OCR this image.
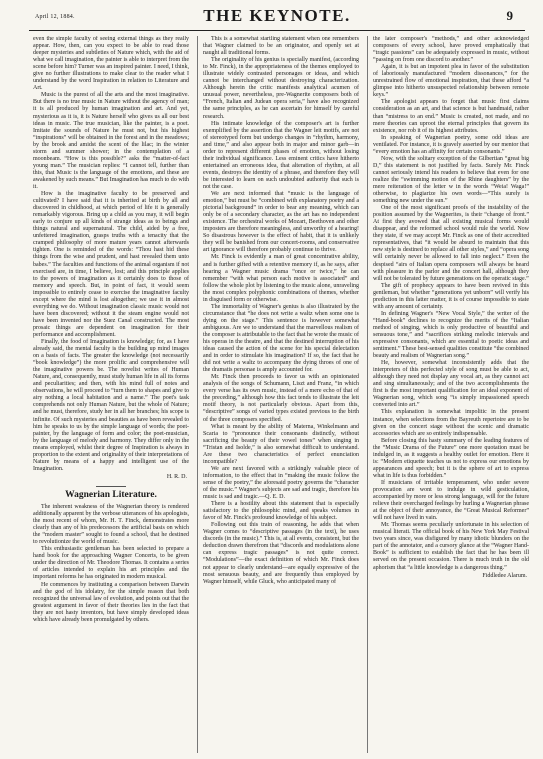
April 12, 1884.	THE KEYNOTE.	9

even the simple faculty of seeing external things as they really appear. How, then, can you expect to be able to read those deeper mysteries and subtleties of Nature which, with the aid of what we call imagination, the painter is able to interpret from the scene before him? Turner was an inspired painter. I need, I think, give no further illustrations to make clear to the reader what I understand by the word Inspiration in relation to Literature and Art.

Music is the purest of all the arts and the most imaginative. But there is no true music in Nature without the agency of man; it is all produced by human imagination and art. And yet, mysterious as it is, it is Nature herself who gives us all our best ideas in music. The true musician, like the painter, is a poet. Imitate the sounds of Nature he must not, but his highest “inspirations” will be obtained in the forest and in the meadows; by the brook and amidst the scent of the lilac; in the winter storm and summer shower; in the contemplation of a moonbeam. “How is this possible?” asks the “matter-of-fact young man.” The musician replies: “I cannot tell, further than this, that Music is the language of the emotions, and these are awakened by such means.” But Imagination has much to do with it.

How is the imaginative faculty to be preserved and cultivated? I have said that it is inherited at birth by all and discovered in childhood, at which period of life it is generally remarkably vigorous. Bring up a child as you may, it will begin early to conjure up all kinds of strange ideas as to beings and things natural and supernatural. The child, aided by a free, unfettered imagination, grasps truths with a tenacity that the cramped philosophy of more mature years cannot afterwards tighten. One is reminded of the words: “Thou hast hid these things from the wise and prudent, and hast revealed them unto babes.” The faculties and functions of the animal organism if not exercised are, in time, I believe, lost; and this principle applies to the powers of imagination as it certainly does to those of memory and speech. But, in point of fact, it would seem impossible to entirely cease to exercise the imaginative faculty except where the mind is lost altogether; we use it in almost everything we do. Without imagination classic music would not have been discovered; without it the steam engine would not have been invented nor the Suez Canal constructed. The most prosaic things are dependent on imagination for their performance and accomplishment.

Finally, the food of Imagination is knowledge; for, as I have already said, the mental faculty is the building up mind images on a basis of facts. The greater the knowledge (not necessarily “book knowledge”) the more prolific and comprehensive will the imaginative powers be. The novelist writes of Human Nature, and, consequently, must study human life in all its forms and peculiarities; and then, with his mind full of notes and observations, he will proceed to “turn them to shapes and give to airy nothing a local habitation and a name.” The poet's task comprehends not only Human Nature, but the whole of Nature; and he must, therefore, study her in all her branches; his scope is infinite. Of such mysteries and beauties as have been revealed to him he speaks to us by the simple language of words; the poet-painter, by the language of form and color; the poet-musician, by the language of melody and harmony. They differ only in the means employed, whilst their degree of Inspiration is always in proportion to the extent and originality of their interpretations of Nature by means of a happy and intelligent use of the Imagination.

H. R. D.
Wagnerian Literature.

The inherent weakness of the Wagnerian theory is rendered additionally apparent by the verbose utterances of his apologists, the most recent of whom, Mr. H. T. Finck, demonstrates more clearly than any of his predecessors the artificial basis on which the “modern master” sought to found a school, that he destined to revolutionize the world of music.

This enthusiastic gentleman has been selected to prepare a hand book for the approaching Wagner Concerts, to be given under the direction of Mr. Theodore Thomas. It contains a series of articles intended to explain his art principles and the important reforms he has originated in modern musical.

He commences by instituting a comparison between Darwin and the god of his idolatry, for the simple reason that both recognized the universal law of evolution, and points out that the greatest argument in favor of their theories lies in the fact that they are not hasty inventors, but have simply developed ideas which have already been promulgated by others.

This is a somewhat startling statement when one remembers that Wagner claimed to be an originator, and openly set at naught all traditional forms.

The originality of his genius is specially manifest, (according to Mr. Finck), in the appropriateness of the themes employed to illustrate widely contrasted personages or ideas, and which cannot be interchanged without destroying characterization. Although herein the critic manifests analytical acumen of unusual power, nevertheless, pre-Wagnerite composers both of “French, Italian and Judean opera seria,” have also recognized the same principles, as he can ascertain for himself by careful research.

His intimate knowledge of the composer's art is further exemplified by the assertion that the Wagner leit motifs, are not of stereotyped form but undergo changes in “rhythm, harmony, and time,” and also appear both in major and minor garb—in order to represent different phases of emotion, without losing their individual significance. Less eminent critics have hitherto entertained an erroneous idea, that alteration of rhythm, at all events, destroys the identity of a phrase, and therefore they will be interested to learn on such undoubted authority that such is not the case.

We are next informed that “music is the language of emotion,” but must be “combined with explanatory poetry and a pictorial background” in order to bear any meaning, which can only be of a secondary character, as the art has no independent existence. The orchestral works of Mozart, Beethoven and other imposters are therefore meaningless, and unworthy of a hearing! So disastrous however is the effect of habit, that it is unlikely they will be banished from our concert-rooms, and conservative art ignorance will therefore probably continue to thrive.

Mr. Finck is evidently a man of great concentrative ability, and is further gifted with a retentive memory if, as he says, after hearing a Wagner music drama “once or twice,” he can remember “with what person each motive is associated” and follow the whole plot by listening to the music alone, unraveling the most complex polyphonic combinations of themes, whether in disguised form or otherwise.

The immortality of Wagner's genius is also illustrated by the circumstance that “he does not write a waltz when some one is dying on the stage.” This sentence is however somewhat ambiguous. Are we to understand that the marvellous realism of the composer is attributable to the fact that he wrote the music of his operas in the theatre, and that the destined interruption of his ideas caused the action of the scene for his special delectation and in order to stimulate his imagination? If so, the fact that he did not write a waltz to accompany the dying throes of one of the dramatis personae is amply accounted for.

Mr. Finck then proceeds to favor us with an opinionated analysis of the songs of Schumann, Liszt and Franz, “in which every verse has its own music, instead of a mere echo of that of the preceding,” although how this fact tends to illustrate the leit motif theory, is not particularly obvious. Apart from this, “descriptive” songs of varied types existed previous to the birth of the three composers specified.

What is meant by the ability of Materna, Winkelmann and Scaria to “pronounce their consonants distinctly, without sacrificing the beauty of their vowel tones” when singing in “Tristan and Isolde,” is also somewhat difficult to understand. Are these two characteristics of perfect enunciation incompatible?

We are next favored with a strikingly valuable piece of information, to the effect that in “making the music follow the sense of the poetry,” the aforesaid poetry governs the “character of the music.” Wagner's subjects are sad and tragic, therefore his music is sad and tragic.—Q. E. D.

There is a hostility about this statement that is especially satisfactory to the philosophic mind, and speaks volumes in favor of Mr. Finck's profound knowledge of his subject.

Following out this train of reasoning, he adds that when Wagner comes to “descriptive passages (in the text), he uses discords (in the music).” This is, at all events, consistent, but the deduction drawn therefrom that “discords and modulations alone can express tragic passages” is not quite correct. “Modulations”—the exact definition of which Mr. Finck does not appear to clearly understand—are equally expressive of the most sensuous beauty, and are frequently thus employed by Wagner himself, while Gluck, who anticipated many of

the later composer's “methods,” and other acknowledged composers of every school, have proved emphatically that “tragic passions” can be adequately expressed in music, without “passing on from one discord to another.”

Again, it is but an impotent plea in favor of the substitution of laboriously manufactured “modern dissonances,” for the unrestrained flow of emotional inspiration, that these afford “a glimpse into hitherto unsuspected relationship between remote keys.”

The apologist appears to forget that music first claims consideration as an art, and that science is but handmaid, rather than “mistress to an end.” Music is created, not made, and no mere theories can uproot the eternal principles that govern its existence, nor rob it of its highest attributes.

In speaking of Wagnerian poetry, some odd ideas are ventilated. For instance, it is gravely asserted by our mentor that “every emotion has an affinity for certain consonants.”

Now, with the solitary exception of the Gilbertian “great big D,” this statement is not justified by facts. Surely Mr. Finck cannot seriously intend his readers to believe that even for one realize the “swimming motion of the Rhine daughters” by the mere reiteration of the letter w in the words “Weia! Waga!” otherwise, to plagiarize his own words—“This surely is something new under the sun.”

One of the most significant proofs of the instability of the position assumed by the Wagnerites, is their “change of front.” At first they avowed that all existing musical forms would disappear, and the reformed school would rule the world. Now they state, if we may accept Mr. Finck as one of their accredited representatives, that “it would be absurd to maintain that this new style is destined to replace all other styles,” and “opera song will certainly never be allowed to fall into neglect.” Even the despised “airs of Italian opera composers will always be heard with pleasure in the parlor and the concert hall, although they will not be tolerated by future generations on the operatic stage.”

The gift of prophecy appears to have been revived in this gentleman, but whether “generations yet unborn” will verify his prediction in this latter matter, it is of course impossible to state with any amount of certainty.

In defining Wagner's “New Vocal Style,” the writer of the “Hand-book” declines to recognize the merits of the “Italian method of singing, which is only productive of beautiful and sensuous tone,” and “sacrifices striking melodic intervals and expressive consonants, which are essential to poetic ideas and sentiment.” These best-sensed qualities constitute “the combined beauty and realism of Wagnerian song.”

He, however, somewhat inconsistently adds that the interpreters of this perfected style of song must be able to act, although they need not display any vocal art, as they cannot act and sing simultaneously; and of the two accomplishments the first is the most important qualification for an ideal exponent of Wagnerian song, which song “is simply impassioned speech converted into art.”

This explanation is somewhat impolitic in the present instance, when selections from the Bayreuth repertoire are to be given on the concert stage without the scenic and dramatic accessories which are so entirely indispensable.

Before closing this hasty summary of the leading features of the “Music Drama of the Future” one more quotation must be indulged in, as it suggests a healthy outlet for emotion. Here it is: “Modern etiquette teaches us not to express our emotions by appearances and speech; but it is the sphere of art to express what in life is thus forbidden.”

If musicians of irritable temperament, who under severe provocation are wont to indulge in wild gesticulation, accompanied by more or less strong language, will for the future relieve their overcharged feelings by hurling a Wagnerian phrase at the object of their annoyance, the “Great Musical Reformer” will not have lived in vain.

Mr. Thomas seems peculiarly unfortunate in his selection of musical literati. The official book of his New York May Festival two years since, was disfigured by many idiotic blunders on the part of the annotator, and a cursory glance at the “Wagner Hand-Book” is sufficient to establish the fact that he has been ill served on the present occasion. There is much truth in the old aphorism that “a little knowledge is a dangerous thing.”

Fiddledee Alarum.
